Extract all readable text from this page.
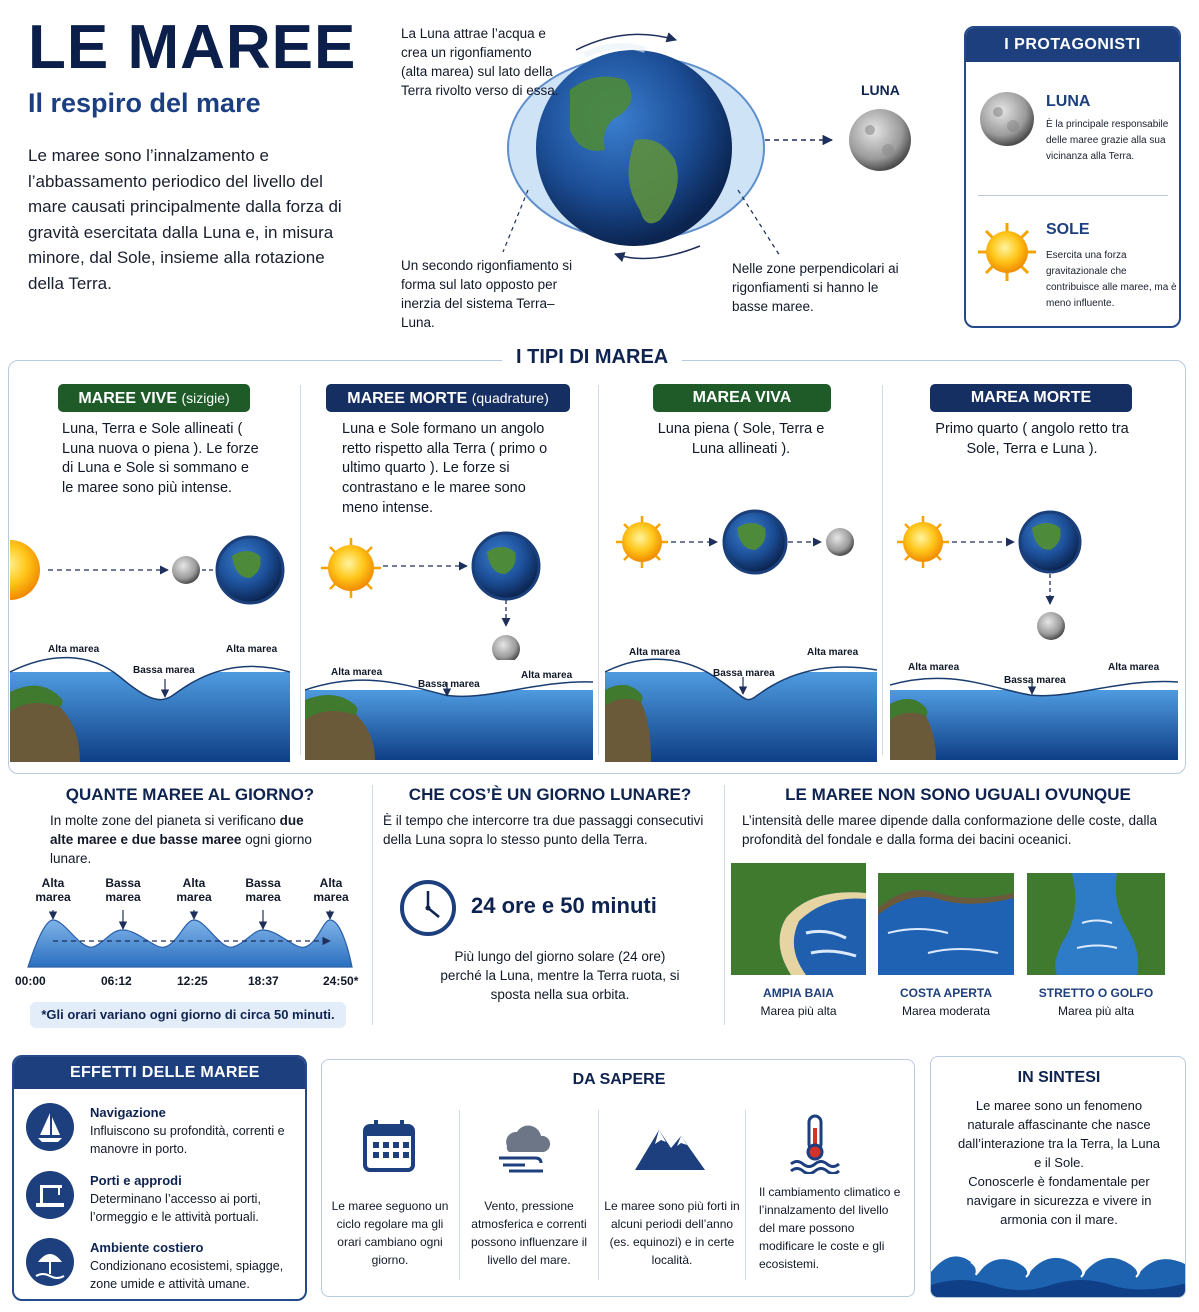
LE MAREE
Il respiro del mare
Le maree sono l’innalzamento e l’abbassamento periodico del livello del mare causati principalmente dalla forza di gravità esercitata dalla Luna e, in misura minore, dal Sole, insieme alla rotazione della Terra.
La Luna attrae l’acqua e crea un rigonfiamento (alta marea) sul lato della Terra rivolto verso di essa.
Un secondo rigonfiamento si forma sul lato opposto per inerzia del sistema Terra–Luna.
Nelle zone perpendicolari ai rigonfiamenti si hanno le basse maree.
LUNA
I PROTAGONISTI
LUNA
È la principale responsabile delle maree grazie alla sua vicinanza alla Terra.
SOLE
Esercita una forza gravitazionale che contribuisce alle maree, ma è meno influente.
I TIPI DI MAREA
MAREE VIVE (sizigie)
Luna, Terra e Sole allineati ( Luna nuova o piena ). Le forze di Luna e Sole si sommano e le maree sono più intense.
Alta marea
Bassa marea
Alta marea
MAREE MORTE (quadrature)
Luna e Sole formano un angolo retto rispetto alla Terra ( primo o ultimo quarto ). Le forze si contrastano e le maree sono meno intense.
Alta marea
Bassa marea
Alta marea
MAREA VIVA
Luna piena ( Sole, Terra e Luna allineati ).
Alta marea
Bassa marea
Alta marea
MAREA MORTE
Primo quarto ( angolo retto tra Sole, Terra e Luna ).
Alta marea
Bassa marea
Alta marea
QUANTE MAREE AL GIORNO?
In molte zone del pianeta si verificano due alte maree e due basse maree ogni giorno lunare.
Alta marea
Bassa marea
Alta marea
Bassa marea
Alta marea
00:00	06:12	12:25	18:37	24:50*
*Gli orari variano ogni giorno di circa 50 minuti.
CHE COS’È UN GIORNO LUNARE?
È il tempo che intercorre tra due passaggi consecutivi della Luna sopra lo stesso punto della Terra.
24 ore e 50 minuti
Più lungo del giorno solare (24 ore) perché la Luna, mentre la Terra ruota, si sposta nella sua orbita.
LE MAREE NON SONO UGUALI OVUNQUE
L’intensità delle maree dipende dalla conformazione delle coste, dalla profondità del fondale e dalla forma dei bacini oceanici.
AMPIA BAIA
Marea più alta
COSTA APERTA
Marea moderata
STRETTO O GOLFO
Marea più alta
EFFETTI DELLE MAREE
Navigazione
Influiscono su profondità, correnti e manovre in porto.
Porti e approdi
Determinano l’accesso ai porti, l’ormeggio e le attività portuali.
Ambiente costiero
Condizionano ecosistemi, spiagge, zone umide e attività umane.
DA SAPERE
Le maree seguono un ciclo regolare ma gli orari cambiano ogni giorno.
Vento, pressione atmosferica e correnti possono influenzare il livello del mare.
Le maree sono più forti in alcuni periodi dell’anno (es. equinozi) e in certe località.
Il cambiamento climatico e l’innalzamento del livello del mare possono modificare le coste e gli ecosistemi.
IN SINTESI
Le maree sono un fenomeno naturale affascinante che nasce dall’interazione tra la Terra, la Luna e il Sole.
Conoscerle è fondamentale per navigare in sicurezza e vivere in armonia con il mare.
